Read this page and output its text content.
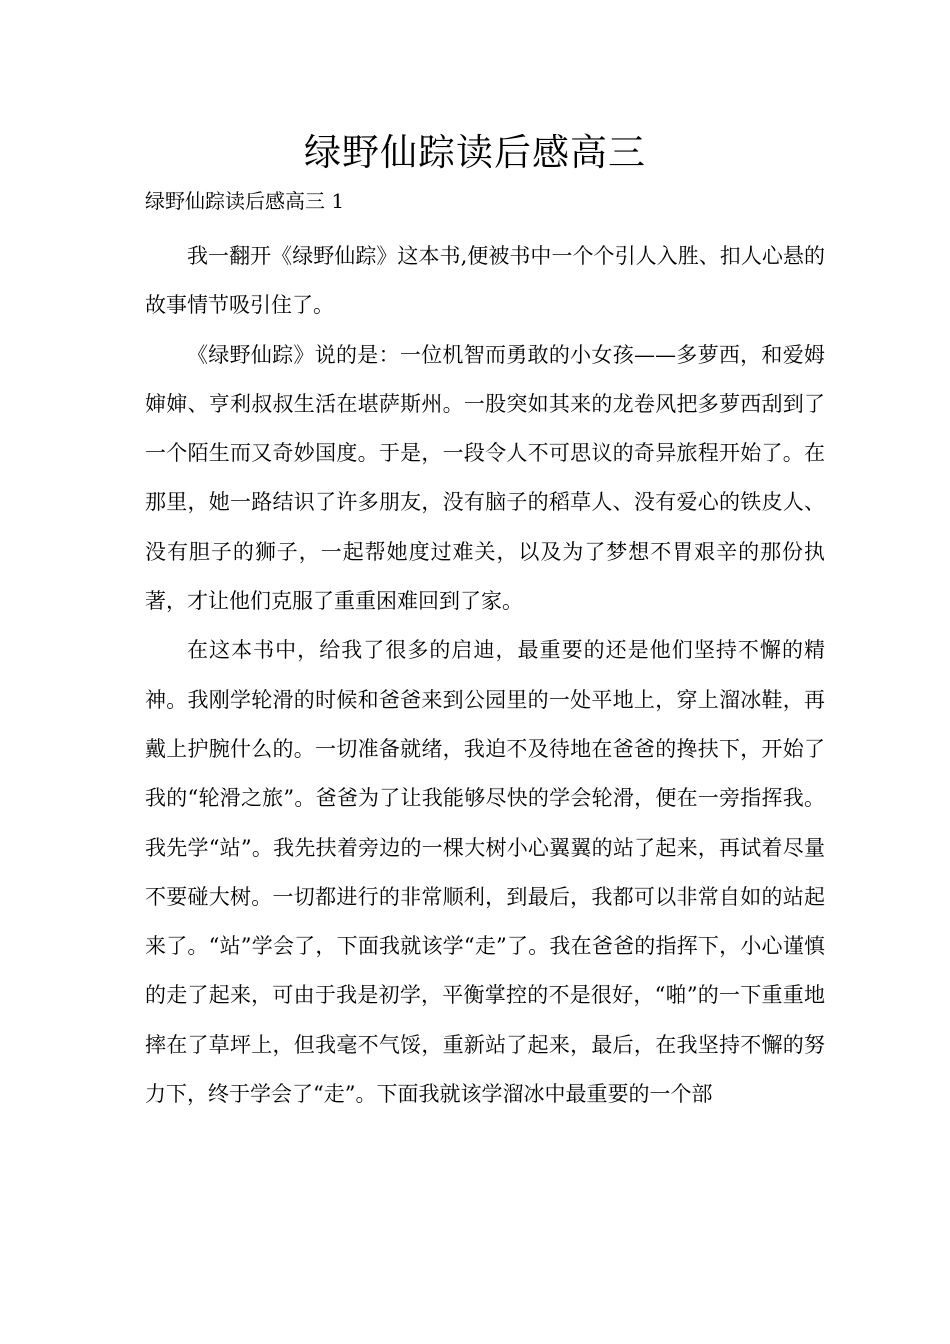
绿野仙踪读后感高三

绿野仙踪读后感高三 1

我一翻开《绿野仙踪》这本书,便被书中一个个引人入胜、扣人心悬的故事情节吸引住了。

《绿野仙踪》说的是：一位机智而勇敢的小女孩——多萝西，和爱姆婶婶、亨利叔叔生活在堪萨斯州。一股突如其来的龙卷风把多萝西刮到了一个陌生而又奇妙国度。于是，一段令人不可思议的奇异旅程开始了。在那里，她一路结识了许多朋友，没有脑子的稻草人、没有爱心的铁皮人、没有胆子的狮子，一起帮她度过难关，以及为了梦想不胃艰辛的那份执著，才让他们克服了重重困难回到了家。

在这本书中，给我了很多的启迪，最重要的还是他们坚持不懈的精神。我刚学轮滑的时候和爸爸来到公园里的一处平地上，穿上溜冰鞋，再戴上护腕什么的。一切准备就绪，我迫不及待地在爸爸的搀扶下，开始了我的“轮滑之旅”。爸爸为了让我能够尽快的学会轮滑，便在一旁指挥我。我先学“站”。我先扶着旁边的一棵大树小心翼翼的站了起来，再试着尽量不要碰大树。一切都进行的非常顺利，到最后，我都可以非常自如的站起来了。“站”学会了，下面我就该学“走”了。我在爸爸的指挥下，小心谨慎的走了起来，可由于我是初学，平衡掌控的不是很好，“啪”的一下重重地摔在了草坪上，但我毫不气馁，重新站了起来，最后，在我坚持不懈的努力下，终于学会了“走”。下面我就该学溜冰中最重要的一个部
